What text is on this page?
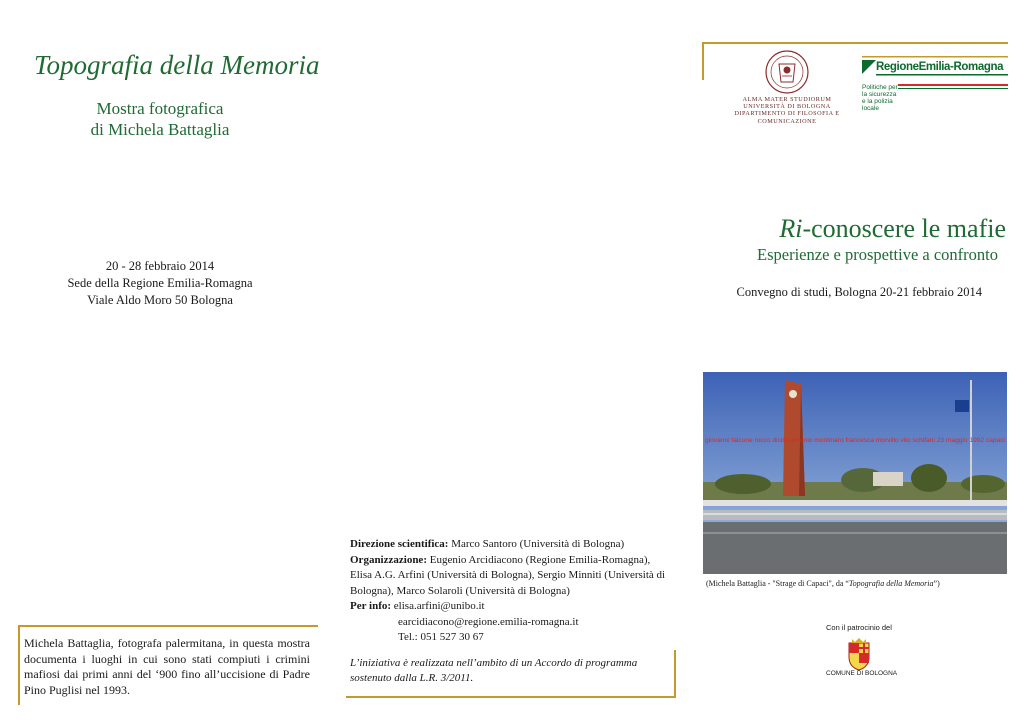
Topografia della Memoria
Mostra fotografica
di Michela Battaglia
20 - 28 febbraio 2014
Sede della Regione Emilia-Romagna
Viale Aldo Moro 50 Bologna
Michela Battaglia, fotografa palermitana, in questa mostra documenta i luoghi in cui sono stati compiuti i crimini mafiosi dai primi anni del ‘900 fino all’uccisione di Padre Pino Puglisi nel 1993.
Direzione scientifica: Marco Santoro (Università di Bologna)
Organizzazione: Eugenio Arcidiacono (Regione Emilia-Romagna), Elisa A.G. Arfini (Università di Bologna), Sergio Minniti (Università di Bologna), Marco Solaroli (Università di Bologna)
Per info: elisa.arfini@unibo.it
earcidiacono@regione.emilia-romagna.it
Tel.: 051 527 30 67
L’iniziativa è realizzata nell’ambito di un Accordo di programma sostenuto dalla L.R. 3/2011.
ALMA MATER STUDIORUM
UNIVERSITÀ DI BOLOGNA
DIPARTIMENTO DI FILOSOFIA E COMUNICAZIONE
RegioneEmilia-Romagna
Politiche per la sicurezza e la polizia locale
Ri-conoscere le mafie
Esperienze e prospettive a confronto
Convegno di studi, Bologna 20-21 febbraio 2014
giovanni falcone rocco dicillo antonio montinaro francesca morvillo vito schifani 23 maggio 1992 capaci
(Michela Battaglia - "Strage di Capaci", da “Topografia della Memoria”)
Con il patrocinio del
COMUNE DI BOLOGNA
